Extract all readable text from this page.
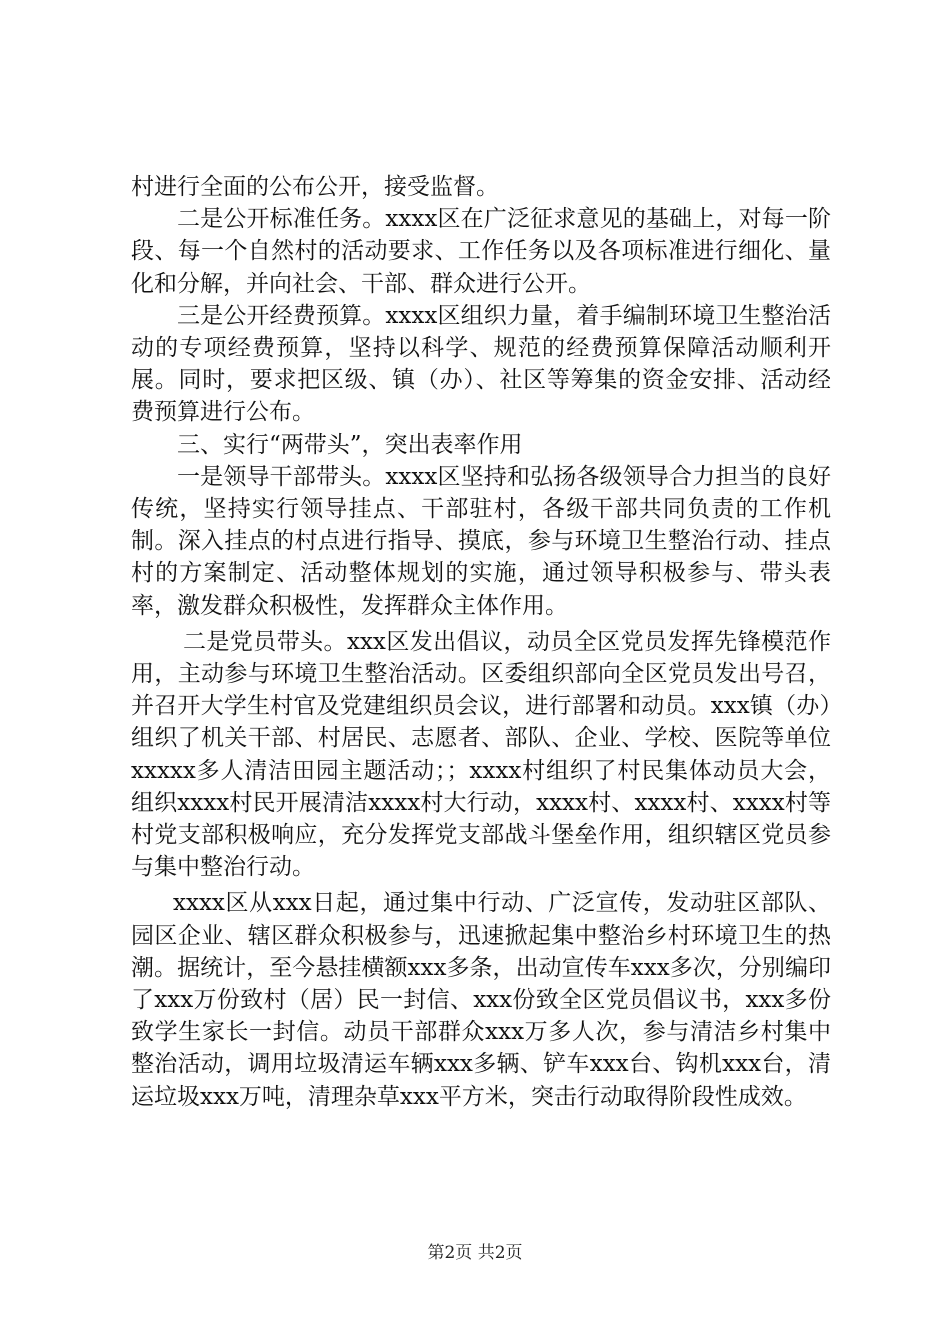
村进行全面的公布公开，接受监督。

二是公开标准任务。xxxx区在广泛征求意见的基础上，对每一阶段、每一个自然村的活动要求、工作任务以及各项标准进行细化、量化和分解，并向社会、干部、群众进行公开。

三是公开经费预算。xxxx区组织力量，着手编制环境卫生整治活动的专项经费预算，坚持以科学、规范的经费预算保障活动顺利开展。同时，要求把区级、镇（办）、社区等筹集的资金安排、活动经费预算进行公布。

三、实行“两带头”，突出表率作用

一是领导干部带头。xxxx区坚持和弘扬各级领导合力担当的良好传统，坚持实行领导挂点、干部驻村，各级干部共同负责的工作机制。深入挂点的村点进行指导、摸底，参与环境卫生整治行动、挂点村的方案制定、活动整体规划的实施，通过领导积极参与、带头表率，激发群众积极性，发挥群众主体作用。

二是党员带头。xxx区发出倡议，动员全区党员发挥先锋模范作用，主动参与环境卫生整治活动。区委组织部向全区党员发出号召，并召开大学生村官及党建组织员会议，进行部署和动员。xxx镇（办）组织了机关干部、村居民、志愿者、部队、企业、学校、医院等单位xxxxx多人清洁田园主题活动；；xxxx村组织了村民集体动员大会，组织xxxx村民开展清洁xxxx村大行动，xxxx村、xxxx村、xxxx村等村党支部积极响应，充分发挥党支部战斗堡垒作用，组织辖区党员参与集中整治行动。

xxxx区从xxx日起，通过集中行动、广泛宣传，发动驻区部队、园区企业、辖区群众积极参与，迅速掀起集中整治乡村环境卫生的热潮。据统计，至今悬挂横额xxx多条，出动宣传车xxx多次，分别编印了xxx万份致村（居）民一封信、xxx份致全区党员倡议书，xxx多份致学生家长一封信。动员干部群众xxx万多人次，参与清洁乡村集中整治活动，调用垃圾清运车辆xxx多辆、铲车xxx台、钩机xxx台，清运垃圾xxx万吨，清理杂草xxx平方米，突击行动取得阶段性成效。

第2页 共2页
